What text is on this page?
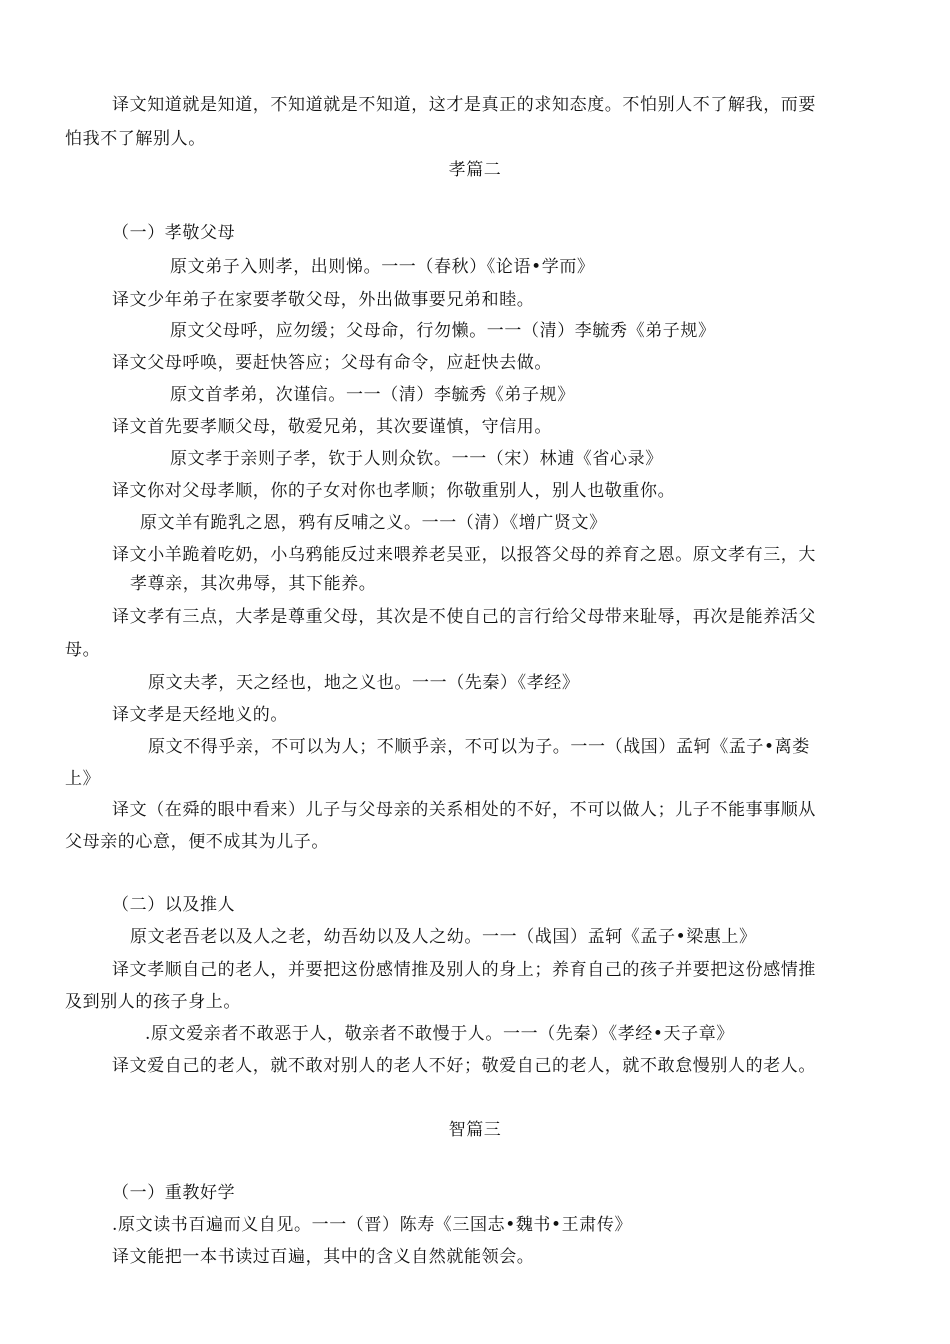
译文知道就是知道，不知道就是不知道，这才是真正的求知态度。不怕别人不了解我，而要
怕我不了解别人。
孝篇二
（一）孝敬父母
原文弟子入则孝，出则悌。一一（春秋）《论语•学而》
译文少年弟子在家要孝敬父母，外出做事要兄弟和睦。
原文父母呼，应勿缓；父母命，行勿懒。一一（清）李毓秀《弟子规》
译文父母呼唤，要赶快答应；父母有命令，应赶快去做。
原文首孝弟，次谨信。一一（清）李毓秀《弟子规》
译文首先要孝顺父母，敬爱兄弟，其次要谨慎，守信用。
原文孝于亲则子孝，钦于人则众钦。一一（宋）林逋《省心录》
译文你对父母孝顺，你的子女对你也孝顺；你敬重别人，别人也敬重你。
原文羊有跪乳之恩，鸦有反哺之义。一一（清）《增广贤文》
译文小羊跪着吃奶，小乌鸦能反过来喂养老吴亚，以报答父母的养育之恩。原文孝有三，大
孝尊亲，其次弗辱，其下能养。
译文孝有三点，大孝是尊重父母，其次是不使自己的言行给父母带来耻辱，再次是能养活父
母。
原文夫孝，天之经也，地之义也。一一（先秦）《孝经》
译文孝是天经地义的。
原文不得乎亲，不可以为人；不顺乎亲，不可以为子。一一（战国）孟轲《孟子•离娄
上》
译文（在舜的眼中看来）儿子与父母亲的关系相处的不好，不可以做人；儿子不能事事顺从
父母亲的心意，便不成其为儿子。
（二）以及推人
原文老吾老以及人之老，幼吾幼以及人之幼。一一（战国）孟轲《孟子•梁惠上》
译文孝顺自己的老人，并要把这份感情推及别人的身上；养育自己的孩子并要把这份感情推
及到别人的孩子身上。
.原文爱亲者不敢恶于人，敬亲者不敢慢于人。一一（先秦）《孝经•天子章》
译文爱自己的老人，就不敢对别人的老人不好；敬爱自己的老人，就不敢怠慢别人的老人。
智篇三
（一）重教好学
.原文读书百遍而义自见。一一（晋）陈寿《三国志•魏书•王肃传》
译文能把一本书读过百遍，其中的含义自然就能领会。
